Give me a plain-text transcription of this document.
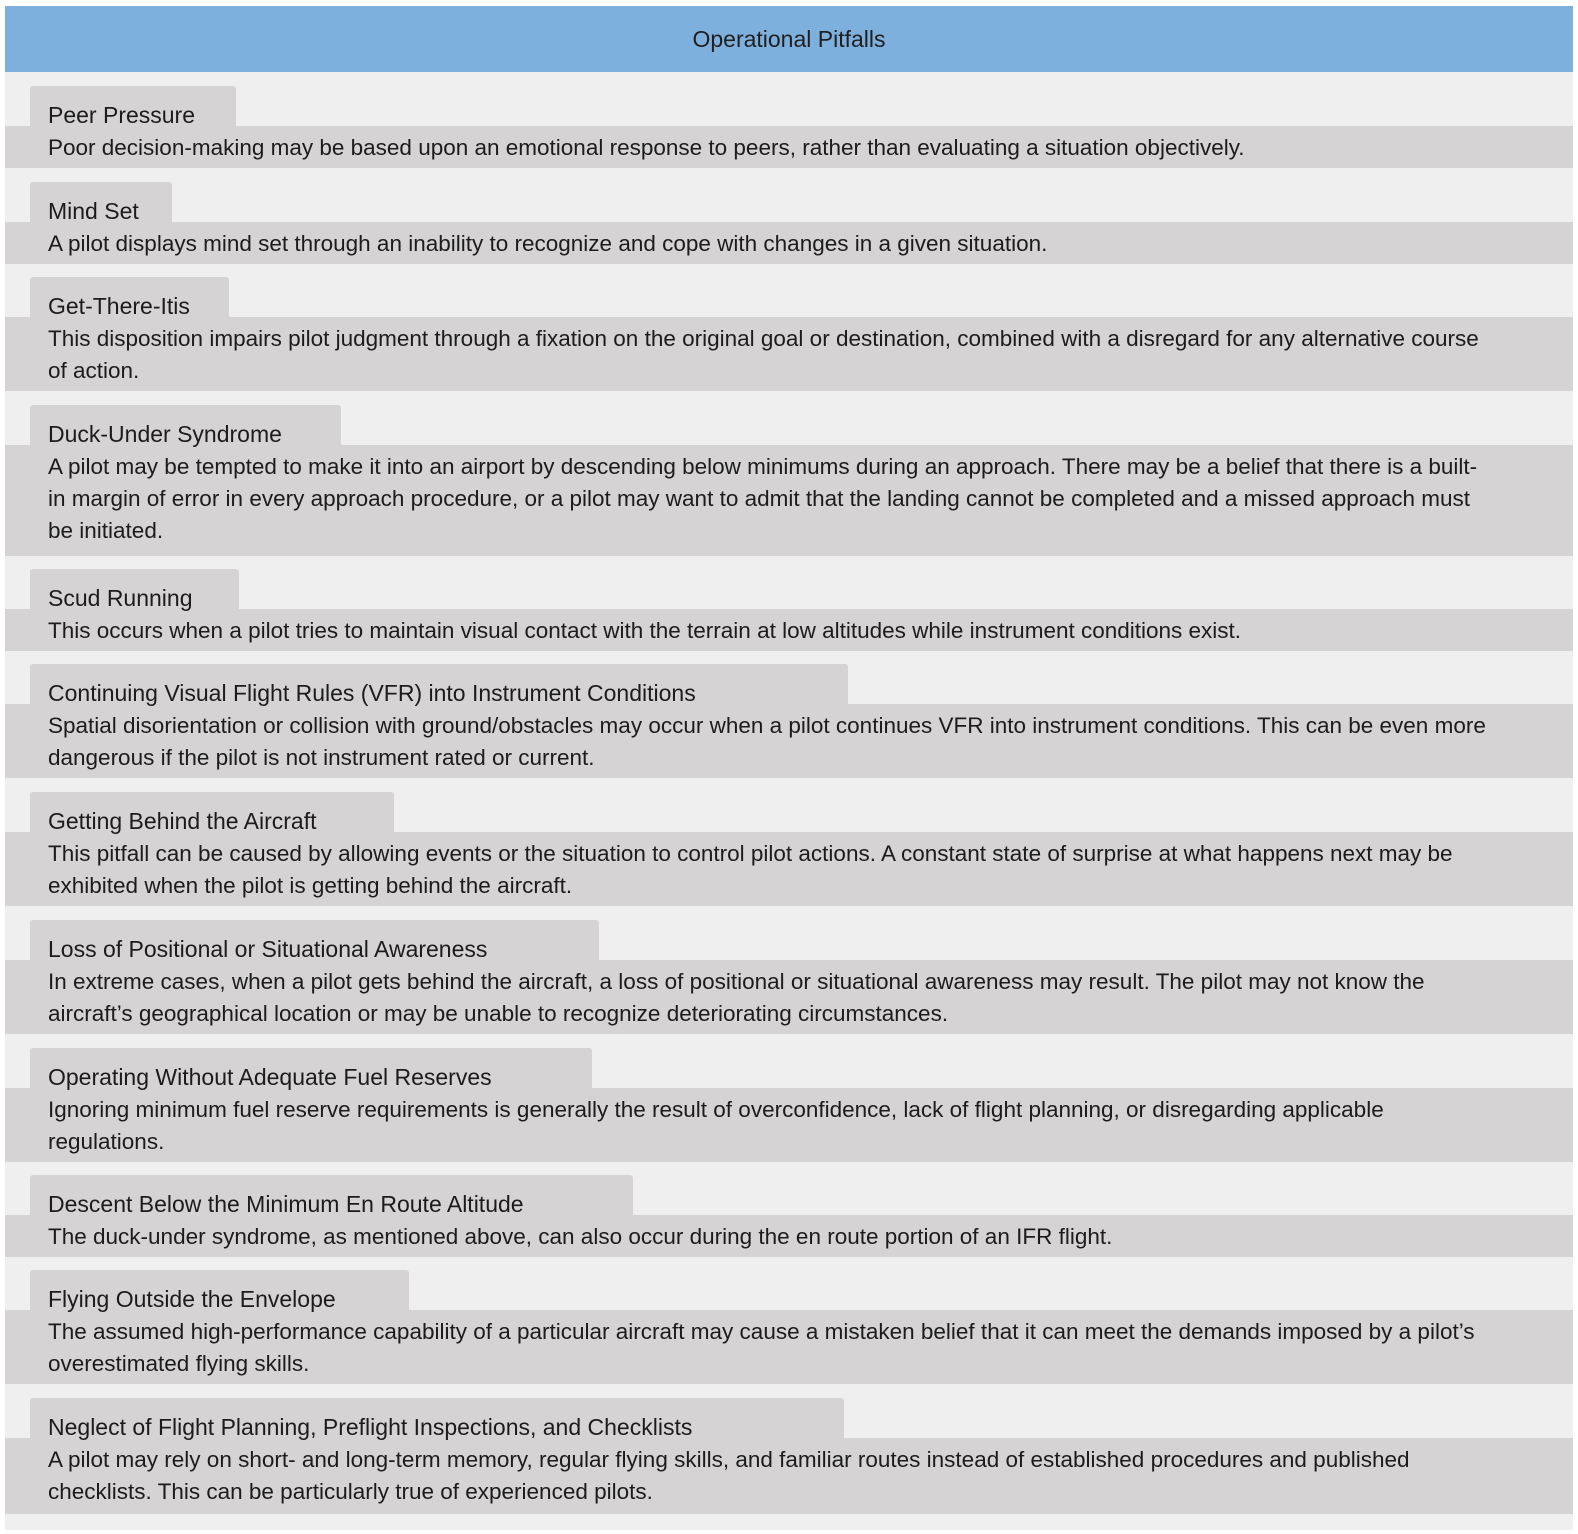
Operational Pitfalls
Peer Pressure
Poor decision-making may be based upon an emotional response to peers, rather than evaluating a situation objectively.
Mind Set
A pilot displays mind set through an inability to recognize and cope with changes in a given situation.
Get-There-Itis
This disposition impairs pilot judgment through a fixation on the original goal or destination, combined with a disregard for any alternative course of action.
Duck-Under Syndrome
A pilot may be tempted to make it into an airport by descending below minimums during an approach. There may be a belief that there is a built-in margin of error in every approach procedure, or a pilot may want to admit that the landing cannot be completed and a missed approach must be initiated.
Scud Running
This occurs when a pilot tries to maintain visual contact with the terrain at low altitudes while instrument conditions exist.
Continuing Visual Flight Rules (VFR) into Instrument Conditions
Spatial disorientation or collision with ground/obstacles may occur when a pilot continues VFR into instrument conditions. This can be even more dangerous if the pilot is not instrument rated or current.
Getting Behind the Aircraft
This pitfall can be caused by allowing events or the situation to control pilot actions. A constant state of surprise at what happens next may be exhibited when the pilot is getting behind the aircraft.
Loss of Positional or Situational Awareness
In extreme cases, when a pilot gets behind the aircraft, a loss of positional or situational awareness may result. The pilot may not know the aircraft’s geographical location or may be unable to recognize deteriorating circumstances.
Operating Without Adequate Fuel Reserves
Ignoring minimum fuel reserve requirements is generally the result of overconfidence, lack of flight planning, or disregarding applicable regulations.
Descent Below the Minimum En Route Altitude
The duck-under syndrome, as mentioned above, can also occur during the en route portion of an IFR flight.
Flying Outside the Envelope
The assumed high-performance capability of a particular aircraft may cause a mistaken belief that it can meet the demands imposed by a pilot’s overestimated flying skills.
Neglect of Flight Planning, Preflight Inspections, and Checklists
A pilot may rely on short- and long-term memory, regular flying skills, and familiar routes instead of established procedures and published checklists. This can be particularly true of experienced pilots.
